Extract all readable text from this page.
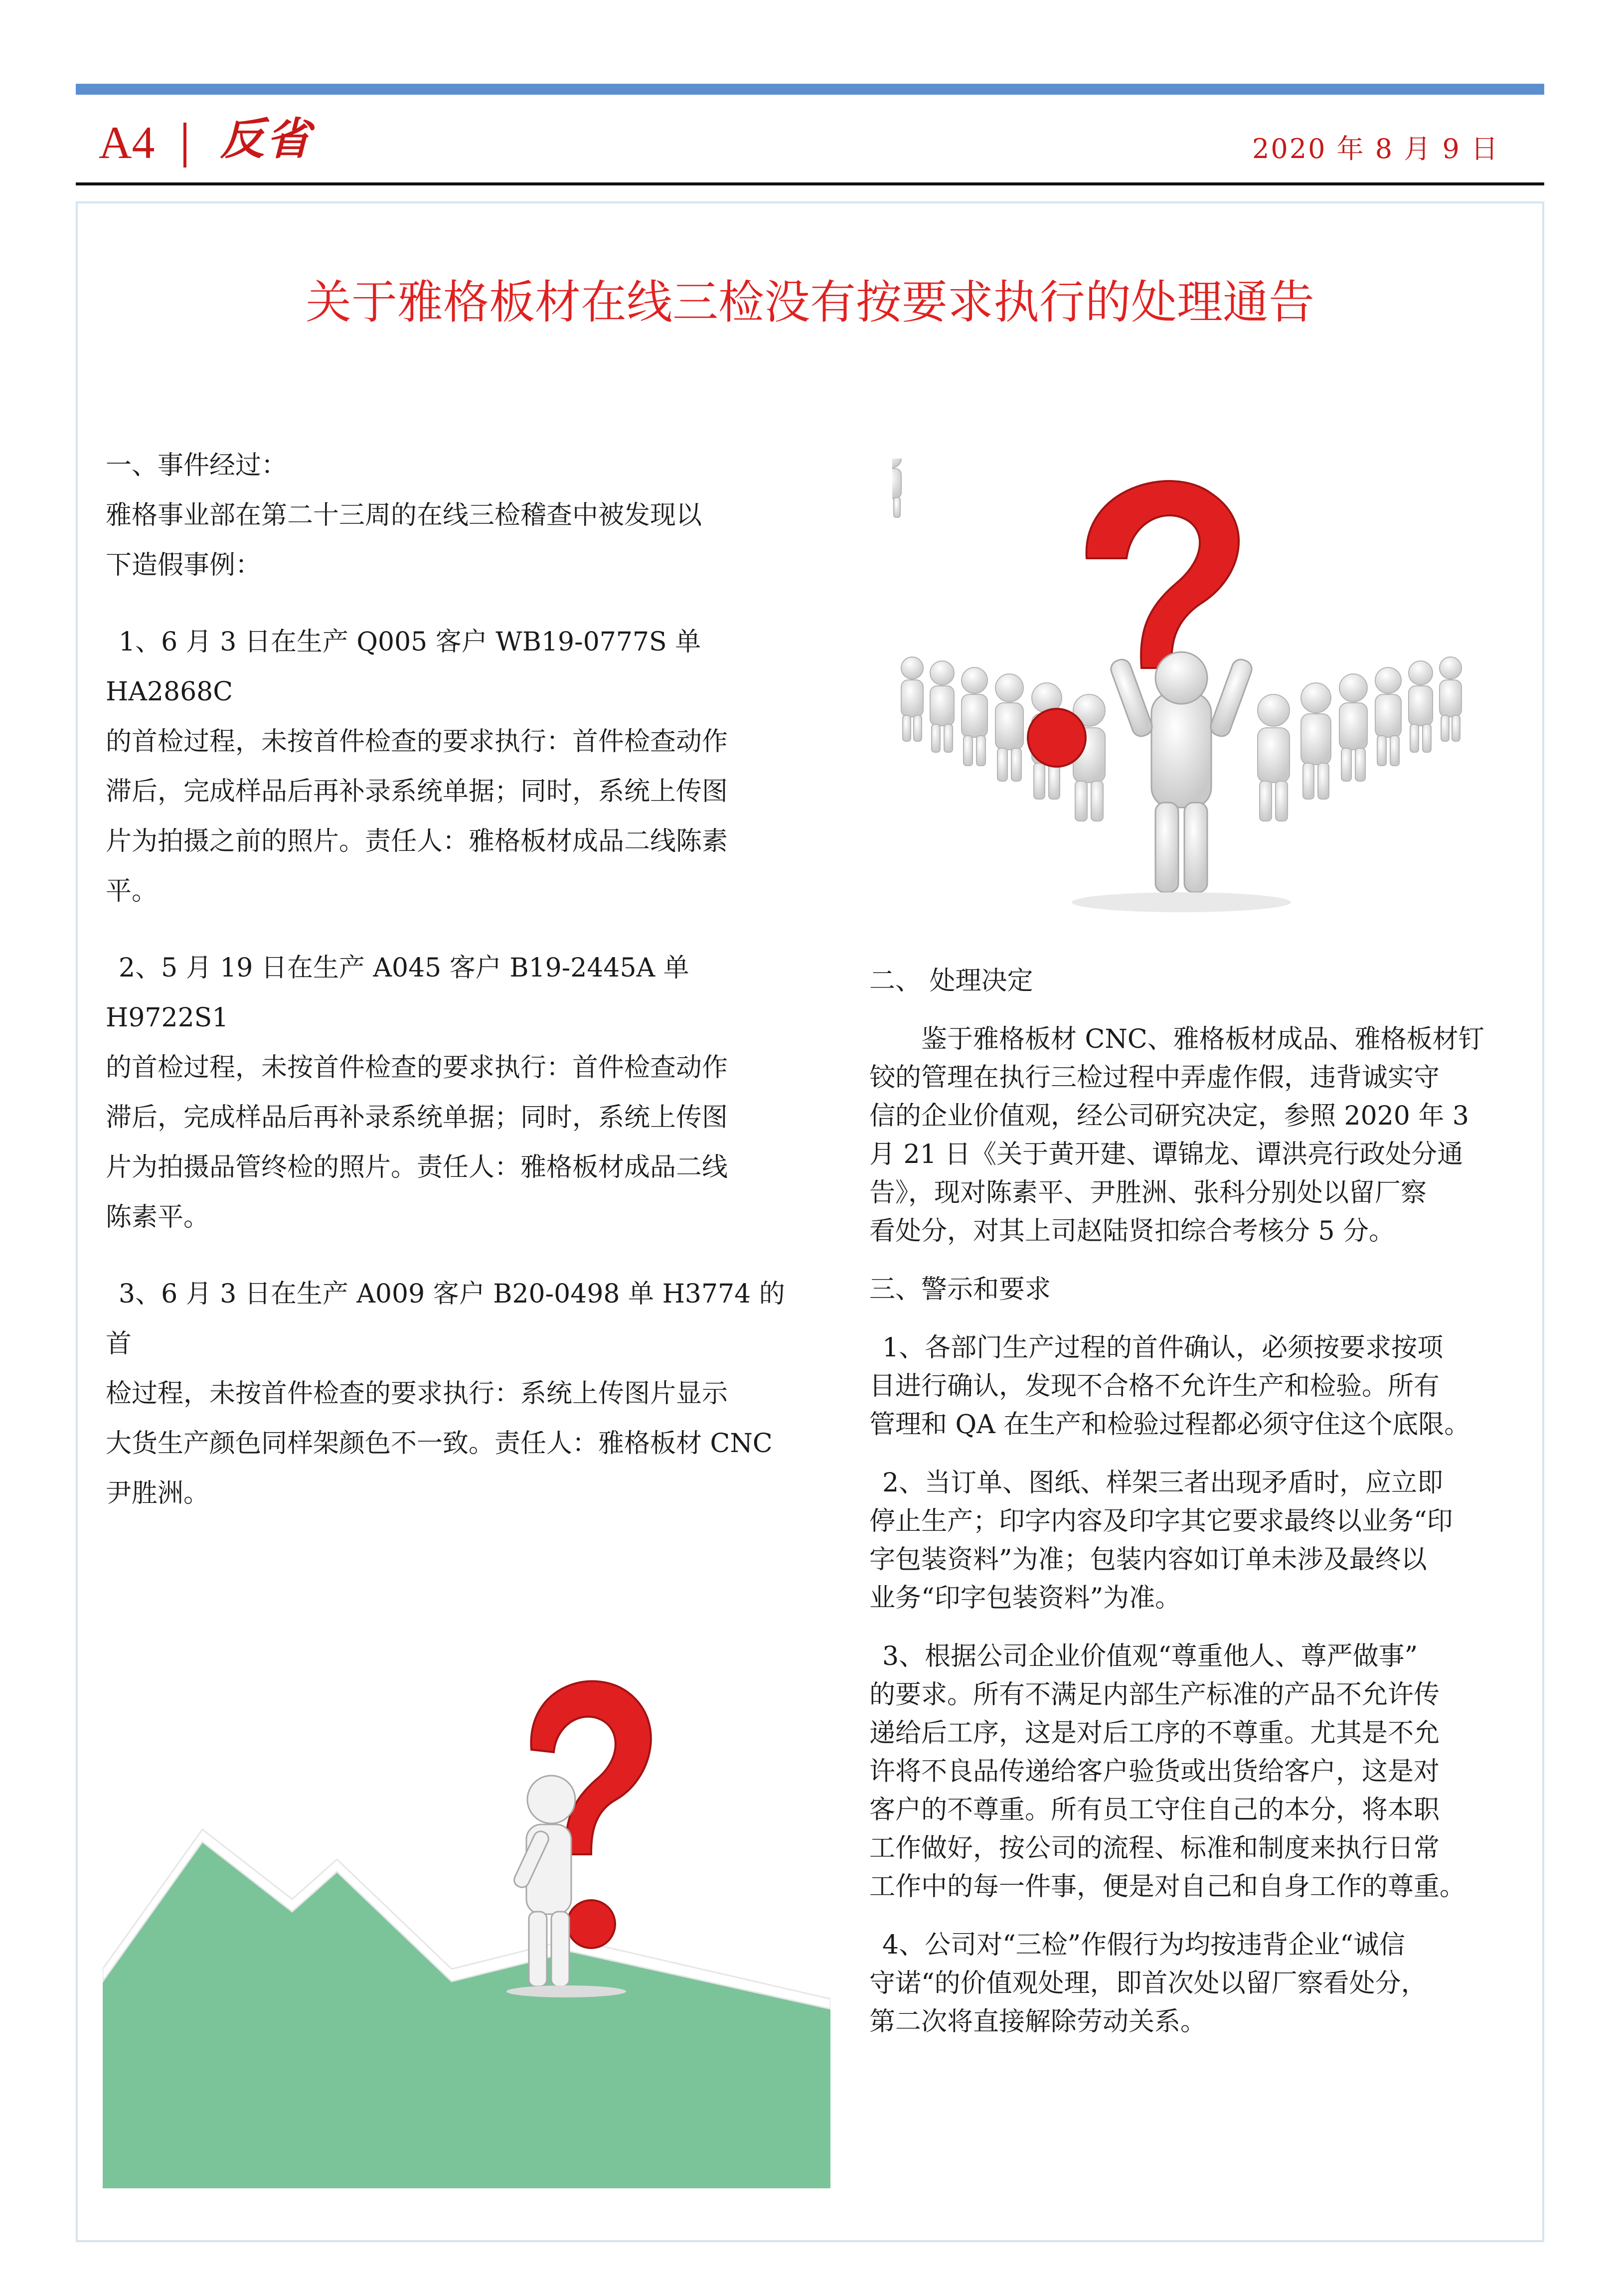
A4 反省	2020 年 8 月 9 日
关于雅格板材在线三检没有按要求执行的处理通告

一、事件经过：

雅格事业部在第二十三周的在线三检稽查中被发现以

下造假事例：

1、6 月 3 日在生产 Q005 客户 WB19-0777S 单 HA2868C

的首检过程，未按首件检查的要求执行：首件检查动作

滞后，完成样品后再补录系统单据；同时，系统上传图

片为拍摄之前的照片。责任人：雅格板材成品二线陈素

平。

2、5 月 19 日在生产 A045 客户 B19-2445A 单 H9722S1

的首检过程，未按首件检查的要求执行：首件检查动作

滞后，完成样品后再补录系统单据；同时，系统上传图

片为拍摄品管终检的照片。责任人：雅格板材成品二线

陈素平。

3、6 月 3 日在生产 A009 客户 B20-0498 单 H3774 的首

检过程，未按首件检查的要求执行：系统上传图片显示

大货生产颜色同样架颜色不一致。责任人：雅格板材 CNC

尹胜洲。

二、 处理决定

鉴于雅格板材 CNC、雅格板材成品、雅格板材钉

铰的管理在执行三检过程中弄虚作假，违背诚实守

信的企业价值观，经公司研究决定，参照 2020 年 3

月 21 日《关于黄开建、谭锦龙、谭洪亮行政处分通

告》，现对陈素平、尹胜洲、张科分别处以留厂察

看处分，对其上司赵陆贤扣综合考核分 5 分。

三、警示和要求

1、各部门生产过程的首件确认，必须按要求按项

目进行确认，发现不合格不允许生产和检验。所有

管理和 QA 在生产和检验过程都必须守住这个底限。

2、当订单、图纸、样架三者出现矛盾时，应立即

停止生产；印字内容及印字其它要求最终以业务“印

字包装资料”为准；包装内容如订单未涉及最终以

业务“印字包装资料”为准。

3、根据公司企业价值观“尊重他人、尊严做事”

的要求。所有不满足内部生产标准的产品不允许传

递给后工序，这是对后工序的不尊重。尤其是不允

许将不良品传递给客户验货或出货给客户，这是对

客户的不尊重。所有员工守住自己的本分，将本职

工作做好，按公司的流程、标准和制度来执行日常

工作中的每一件事，便是对自己和自身工作的尊重。

4、公司对“三检”作假行为均按违背企业“诚信

守诺“的价值观处理，即首次处以留厂察看处分，

第二次将直接解除劳动关系。
